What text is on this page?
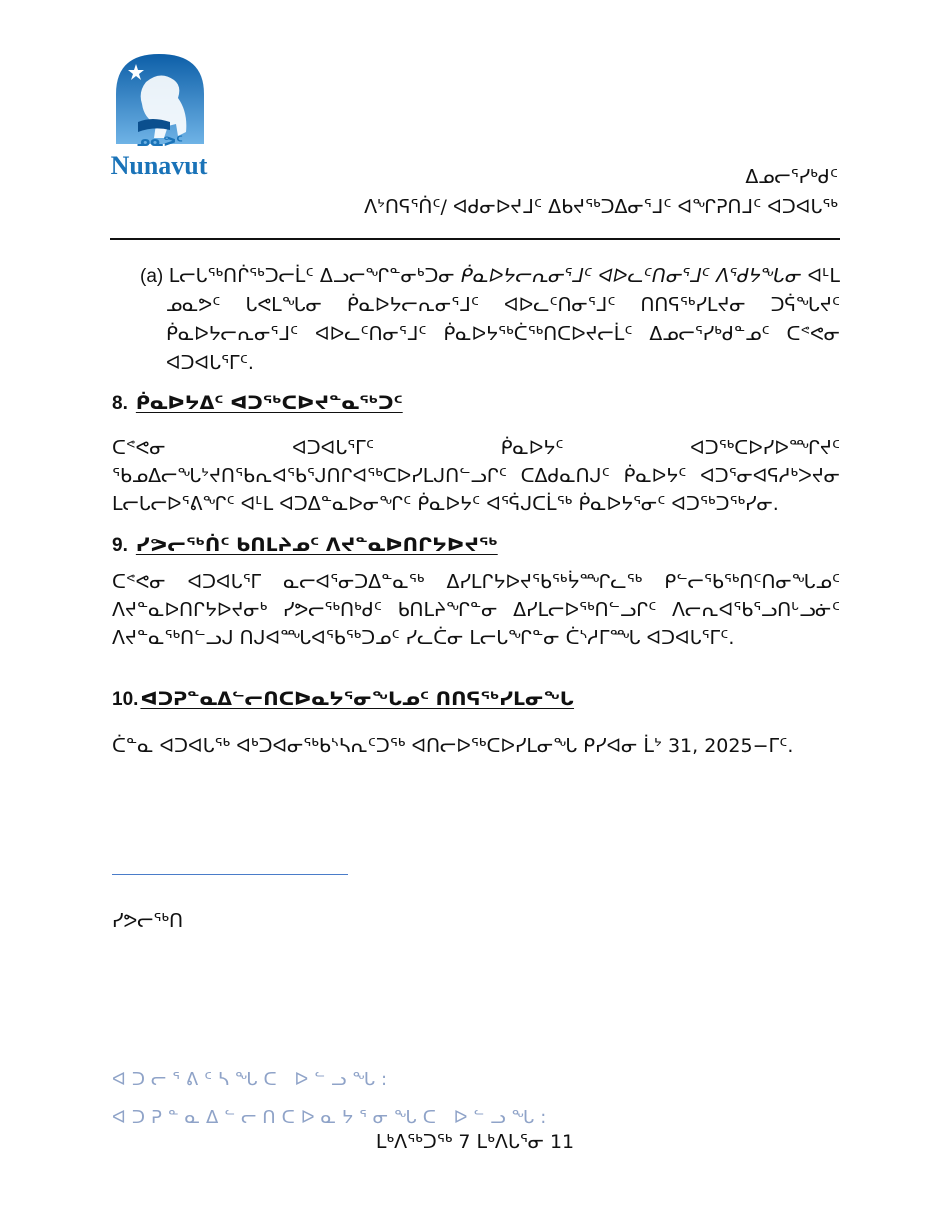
ᓄᓇᕗᑦ
Nunavut	ᐃᓄᓕᕐᓯᒃᑯᑦ
ᐱᔾᑎᕋᕐᑏᑦ/ ᐊᑯᓂᐅᔪᒧᑦ ᐃᑲᔪᖅᑐᐃᓂᕐᒧᑦ ᐊᖏᕈᑎᒧᑦ ᐊᑐᐊᒐᖅ
(a) ᒪᓕᒐᖅᑎᒌᖅᑐᓕᒫᑦ ᐃᓗᓕᖏᓐᓂᒃᑐᓂ ᑮᓇᐅᔭᓕᕆᓂᕐᒧᑦ ᐊᐅᓚᑦᑎᓂᕐᒧᑦ ᐱᖁᔭᖓᓂ ᐊᒻᒪ ᓄᓇᕗᑦ ᒐᕙᒪᖓᓂ ᑮᓇᐅᔭᓕᕆᓂᕐᒧᑦ ᐊᐅᓚᑦᑎᓂᕐᒧᑦ ᑎᑎᕋᖅᓯᒪᔪᓂ ᑐᕌᖓᔪᑦ ᑮᓇᐅᔭᓕᕆᓂᕐᒧᑦ ᐊᐅᓚᑦᑎᓂᕐᒧᑦ ᑮᓇᐅᔭᖅᑖᖅᑎᑕᐅᔪᓕᒫᑦ ᐃᓄᓕᕐᓯᒃᑯᓐᓄᑦ ᑕᕝᕙᓂ ᐊᑐᐊᒐᕐᒥᑦ.
8. ᑮᓇᐅᔭᐃᑦ ᐊᑐᖅᑕᐅᔪᓐᓇᖅᑐᑦ
ᑕᕝᕙᓂ ᐊᑐᐊᒐᕐᒥᑦ ᑮᓇᐅᔭᑦ ᐊᑐᖅᑕᐅᓯᐅᙱᔪᑦ ᖃᓄᐃᓕᖓᔾᔪᑎᖃᕆᐊᖃᕐᒍᑎᒋᐊᖅᑕᐅᓯᒪᒍᑎᓪᓗᒋᑦ ᑕᐃᑯᓇᑎᒍᑦ ᑮᓇᐅᔭᑦ ᐊᑐᕐᓂᐊᕋᓱᒃᐳᔪᓂ ᒪᓕᒐᓕᐅᕐᕕᖏᑦ ᐊᒻᒪ ᐊᑐᐃᓐᓇᐅᓂᖏᑦ ᑮᓇᐅᔭᑦ ᐊᕐᕌᒍᑕᒫᖅ ᑮᓇᐅᔭᕐᓂᑦ ᐊᑐᖅᑐᖅᓯᓂ.
9. ᓯᕗᓕᖅᑏᑦ ᑲᑎᒪᔨᓄᑦ ᐱᔪᓐᓇᐅᑎᒋᔭᐅᔪᖅ
ᑕᕝᕙᓂ ᐊᑐᐊᒐᕐᒥ ᓇᓕᐊᕐᓂᑐᐃᓐᓇᖅ ᐃᓯᒪᒋᔭᐅᔪᖃᖅᔮᙱᓚᖅ ᑭᓪᓕᖃᖅᑎᑦᑎᓂᖓᓄᑦ ᐱᔪᓐᓇᐅᑎᒋᔭᐅᔪᓂᒃ ᓯᕗᓕᖅᑎᒃᑯᑦ ᑲᑎᒪᔨᖏᓐᓂ ᐃᓯᒪᓕᐅᖅᑎᓪᓗᒋᑦ ᐱᓕᕆᐊᖃᕐᓗᑎᒡᓗᓃᑦ ᐱᔪᓐᓇᖅᑎᓪᓗᒍ ᑎᒍᐊᙵᐊᖃᖅᑐᓄᑦ ᓯᓚᑖᓂ ᒪᓕᒐᖏᓐᓂ ᑖᔅᓱᒥᙵ ᐊᑐᐊᒐᕐᒥᑦ.
10. ᐊᑐᕈᓐᓇᐃᓪᓕᑎᑕᐅᓇᔭᕐᓂᖓᓄᑦ ᑎᑎᕋᖅᓯᒪᓂᖓ
ᑖᓐᓇ ᐊᑐᐊᒐᖅ ᐊᒃᑐᐊᓂᖅᑲᔅᓴᕆᑦᑐᖅ ᐊᑎᓕᐅᖅᑕᐅᓯᒪᓂᖓ ᑭᓯᐊᓂ ᒫᔾ 31, 2025−ᒥᑦ.
ᓯᕗᓕᖅᑎ
ᐊᑐᓕᕐᕕᑦᓴᖓᑕ ᐅᓪᓗᖓ:
ᐊᑐᕈᓐᓇᐃᓪᓕᑎᑕᐅᓇᔭᕐᓂᖓᑕ ᐅᓪᓗᖓ:
ᒪᒃᐱᖅᑐᖅ 7 ᒪᒃᐱᒐᕐᓂ 11
